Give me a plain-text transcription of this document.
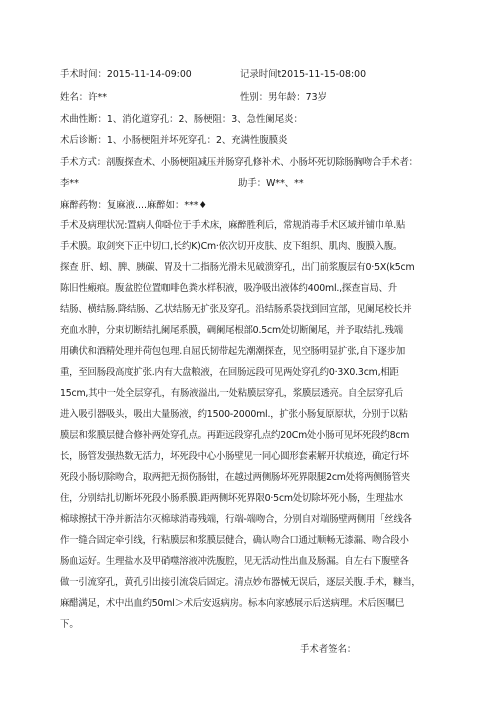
手术时间：2015-11-14-09:00	记录时间t2015-11-15-08:00
姓名：许**	性别：男年龄：73岁
术曲性断：1、消化道穿孔：2、肠梗阻：3、急性阑尾炎：
术后诊断：1、小肠梗阻并坏死穿孔：2、充满性腹膜炎
手术方式：剖腹探查术、小肠梗阻减压并肠穿孔修补术、小肠坏死切除肠胸吻合手术者：
李**	助手：W**、**
麻醉药物：复麻液....麻醉如：***♦
手术及病理状况:置病人仰卧位于手术床，麻醉胜利后，常规消毒手术区域并铺巾单.贴
手术膜。取剑突下正中切口,长约K)Cm·依次切开皮肤、皮下组织、肌肉、腹膜入腹。
探查 肝、蚓、脾、胰碳、胃及十二指肠光滑未见破溃穿孔，出门前浆腹层有0·5X(k5cm
陈旧性瘢痕。腹盆腔位置咖啡色粪水样积液，吸净吸出液体约400ml.,探查盲局、升
结肠、横结肠.降结肠、乙状结肠无扩张及穿孔。沿结肠系袋找到回宣部，见阑尾校长并
充血水肿，分束切断结扎阑尾系膜，碉阑尾根部0.5cm处切断阑尾，并予取结扎.残端
用碘伏和酒精处理并荷包包理.自屈氏韧带起先潮潮探查，见空肠明显扩张,自下逐步加
重，至回肠段高度扩张.内有大盘粮液，在回肠远段可见两处穿孔约0·3X0.3cm,相距
15cm,其中一处全层穿孔，有肠液溢出,一处粘膜层穿孔，浆膜层透亮。自全层穿孔后
进入吸引器吸头，吸出大量肠液，约1500-2000ml.，扩张小肠复原原状，分别于以粘
膜层和浆膜层健合修补两处穿孔点。再距远段穿孔点约20Cm处小肠可见坏死段约8cm
长，肠管发强热数无活力，坏死段中心小肠壁见一同心圆形套素解开状痕迹，确定行坏
死段小肠切除吻合，取两把无损伤肠钳，在越过两侧肠坏死界限腿2cm处将两侧肠管夹
住，分别结扎切断坏死段小肠系膜.距两侧坏死界限0·5cm处切除坏死小肠，生理盐水
棉球擦拭干净并新洁尔灭棉球消毒残端，行端-端吻合，分别自对端肠壁两侧用「丝线各
作一缝合固定牵引线，行粘膜层和浆膜层健合，确认吻合口通过顺畅无漆漏、吻合段小
肠血运好。生理盐水及甲硝噬溶液冲洗腹腔，见无活动性出血及肠漏。自左右下腹壁各
做一引流穿孔，黄孔引出接引流袋后固定。清点妙布器械无误后，逐层关腹.手术，糠当，
麻醋满足，术中出血约50ml＞术后安返病房。标本向家感展示后送病理。术后医嘱巳
下。
手术者签名：
